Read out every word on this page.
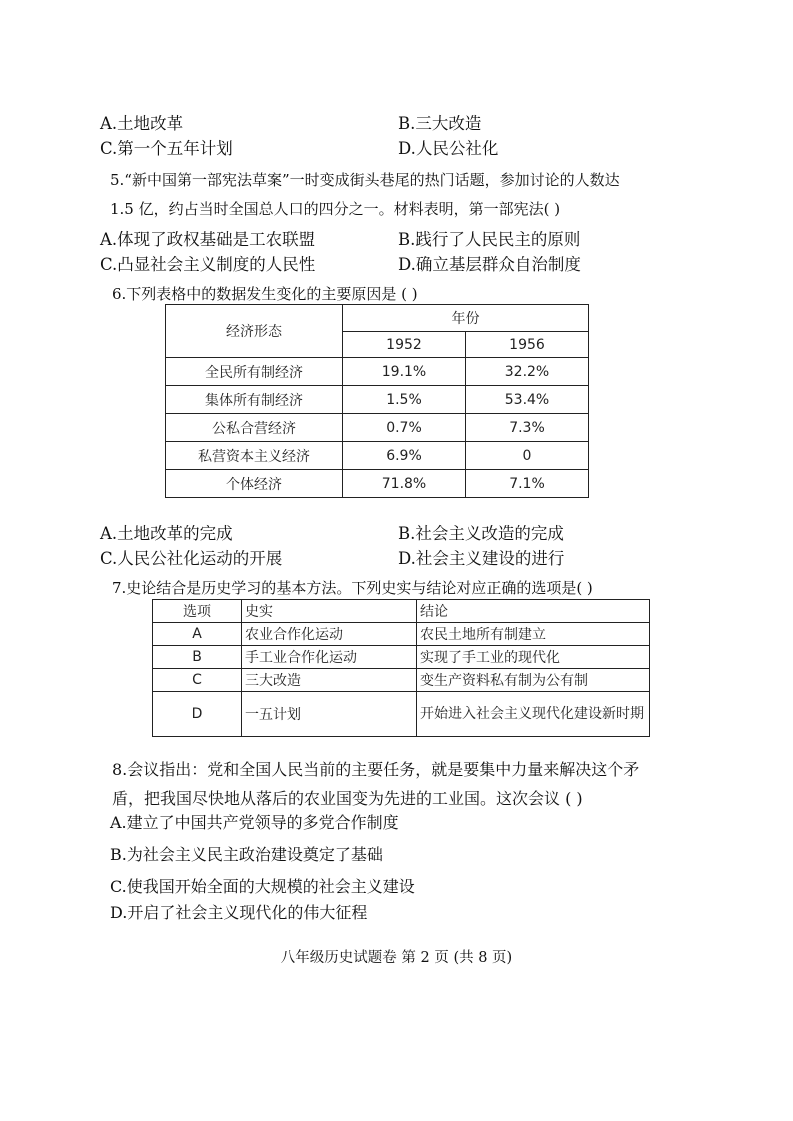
A.土地改革	B.三大改造
C.第一个五年计划	D.人民公社化
5.“新中国第一部宪法草案”一时变成街头巷尾的热门话题，参加讨论的人数达
1.5 亿，约占当时全国总人口的四分之一。材料表明，第一部宪法( )
A.体现了政权基础是工农联盟	B.践行了人民民主的原则
C.凸显社会主义制度的人民性	D.确立基层群众自治制度
6.下列表格中的数据发生变化的主要原因是 ( )
经济形态	年份	
	1952	1956
全民所有制经济	19.1%	32.2%
集体所有制经济	1.5%	53.4%
公私合营经济	0.7%	7.3%
私营资本主义经济	6.9%	0
个体经济	71.8%	7.1%
A.土地改革的完成	B.社会主义改造的完成
C.人民公社化运动的开展	D.社会主义建设的进行
7.史论结合是历史学习的基本方法。下列史实与结论对应正确的选项是( )
选项	史实	结论
A	农业合作化运动	农民土地所有制建立
B	手工业合作化运动	实现了手工业的现代化
C	三大改造	变生产资料私有制为公有制
D	一五计划	开始进入社会主义现代化建设新时期
8.会议指出：党和全国人民当前的主要任务，就是要集中力量来解决这个矛
盾，把我国尽快地从落后的农业国变为先进的工业国。这次会议 ( )
A.建立了中国共产党领导的多党合作制度
B.为社会主义民主政治建设奠定了基础
C.使我国开始全面的大规模的社会主义建设
D.开启了社会主义现代化的伟大征程
八年级历史试题卷 第 2 页 (共 8 页)
